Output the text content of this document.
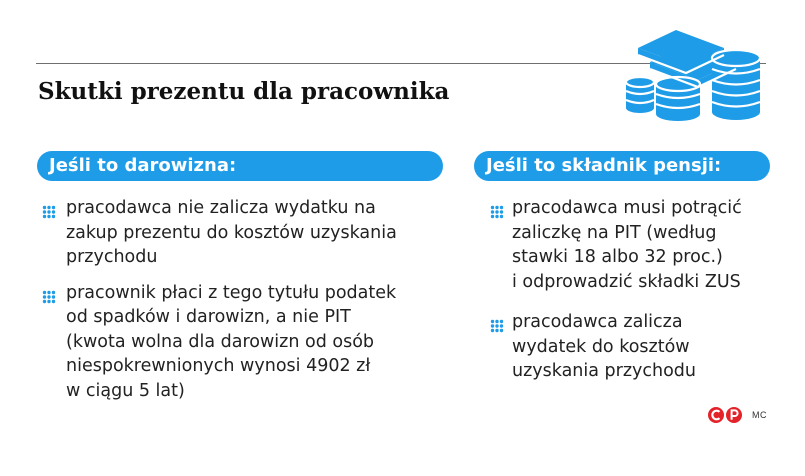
Skutki prezentu dla pracownika
Jeśli to darowizna:	Jeśli to składnik pensji:
pracodawca nie zalicza wydatku na
zakup prezentu do kosztów uzyskania
przychodu
pracownik płaci z tego tytułu podatek
od spadków i darowizn, a nie PIT
(kwota wolna dla darowizn od osób
niespokrewnionych wynosi 4902 zł
w ciągu 5 lat)
pracodawca musi potrącić
zaliczkę na PIT (według
stawki 18 albo 32 proc.)
i odprowadzić składki ZUS
pracodawca zalicza
wydatek do kosztów
uzyskania przychodu
MC
